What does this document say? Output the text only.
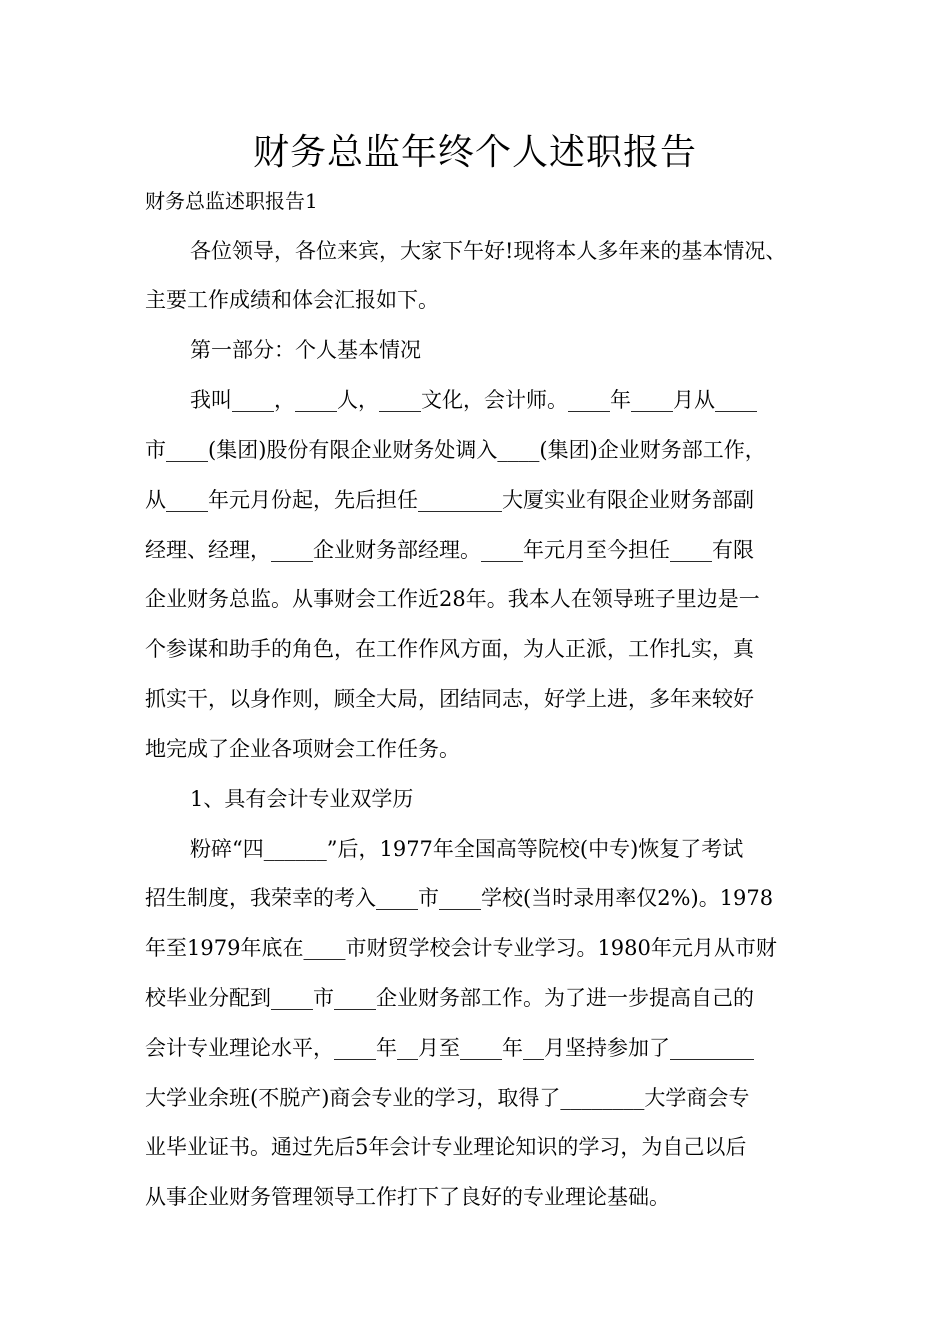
财务总监年终个人述职报告

财务总监述职报告1

各位领导，各位来宾，大家下午好!现将本人多年来的基本情况、

主要工作成绩和体会汇报如下。

第一部分：个人基本情况

我叫____，____人，____文化，会计师。____年____月从____

市____(集团)股份有限企业财务处调入____(集团)企业财务部工作，

从____年元月份起，先后担任________大厦实业有限企业财务部副

经理、经理，____企业财务部经理。____年元月至今担任____有限

企业财务总监。从事财会工作近28年。我本人在领导班子里边是一

个参谋和助手的角色，在工作作风方面，为人正派，工作扎实，真

抓实干，以身作则，顾全大局，团结同志，好学上进，多年来较好

地完成了企业各项财会工作任务。

1、具有会计专业双学历

粉碎“四______”后，1977年全国高等院校(中专)恢复了考试

招生制度，我荣幸的考入____市____学校(当时录用率仅2%)。1978

年至1979年底在____市财贸学校会计专业学习。1980年元月从市财

校毕业分配到____市____企业财务部工作。为了进一步提高自己的

会计专业理论水平，____年__月至____年__月坚持参加了________

大学业余班(不脱产)商会专业的学习，取得了________大学商会专

业毕业证书。通过先后5年会计专业理论知识的学习，为自己以后

从事企业财务管理领导工作打下了良好的专业理论基础。
